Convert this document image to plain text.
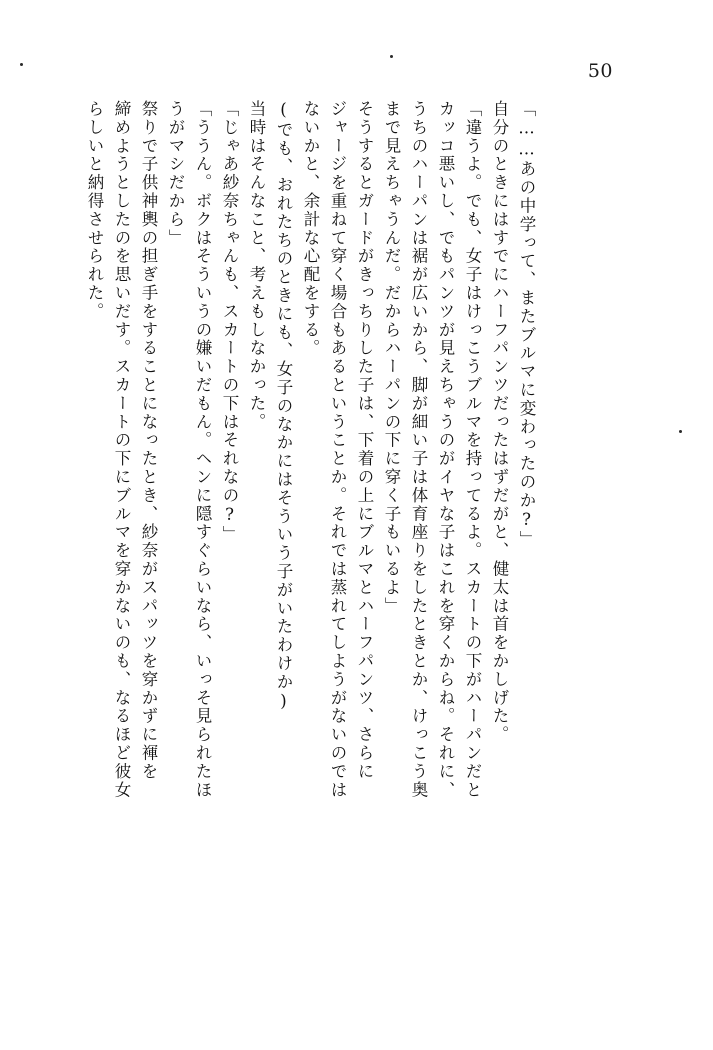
50
らしいと納得させられた。 締めようとしたのを思いだす。スカートの下にブルマを穿かないのも、なるほど彼女 祭りで子供神輿の担ぎ手をすることになったとき、紗奈がスパッツを穿かずに褌を うがマシだから」 「ううん。ボクはそういうの嫌いだもん。ヘンに隠すぐらいなら、いっそ見られたほ 「じゃあ紗奈ちゃんも、スカートの下はそれなの?」 当時はそんなこと、考えもしなかった。 (でも、おれたちのときにも、女子のなかにはそういう子がいたわけか) ないかと、余計な心配をする。 ジャージを重ねて穿く場合もあるということか。それでは蒸れてしようがないのでは そうするとガードがきっちりした子は、下着の上にブルマとハーフパンツ、さらに まで見えちゃうんだ。だからハーパンの下に穿く子もいるよ」 うちのハーパンは裾が広いから、脚が細い子は体育座りをしたときとか、けっこう奥 カッコ悪いし、でもパンツが見えちゃうのがイヤな子はこれを穿くからね。それに、 「違うよ。でも、女子はけっこうブルマを持ってるよ。スカートの下がハーパンだと 自分のときにはすでにハーフパンツだったはずだがと、健太は首をかしげた。 「……あの中学って、またブルマに変わったのか?」
